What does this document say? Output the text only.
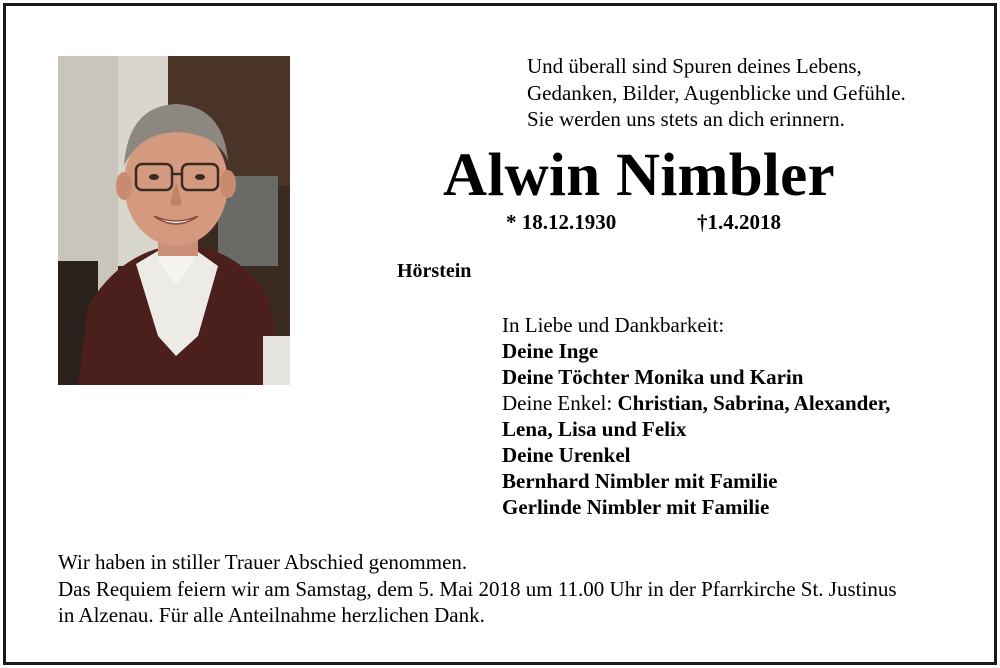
Und überall sind Spuren deines Lebens,
Gedanken, Bilder, Augenblicke und Gefühle.
Sie werden uns stets an dich erinnern.
Alwin Nimbler
* 18.12.1930	†1.4.2018
Hörstein
In Liebe und Dankbarkeit:
Deine Inge
Deine Töchter Monika und Karin
Deine Enkel: Christian, Sabrina, Alexander,
Lena, Lisa und Felix
Deine Urenkel
Bernhard Nimbler mit Familie
Gerlinde Nimbler mit Familie
Wir haben in stiller Trauer Abschied genommen.
Das Requiem feiern wir am Samstag, dem 5. Mai 2018 um 11.00 Uhr in der Pfarrkirche St. Justinus
in Alzenau. Für alle Anteilnahme herzlichen Dank.
